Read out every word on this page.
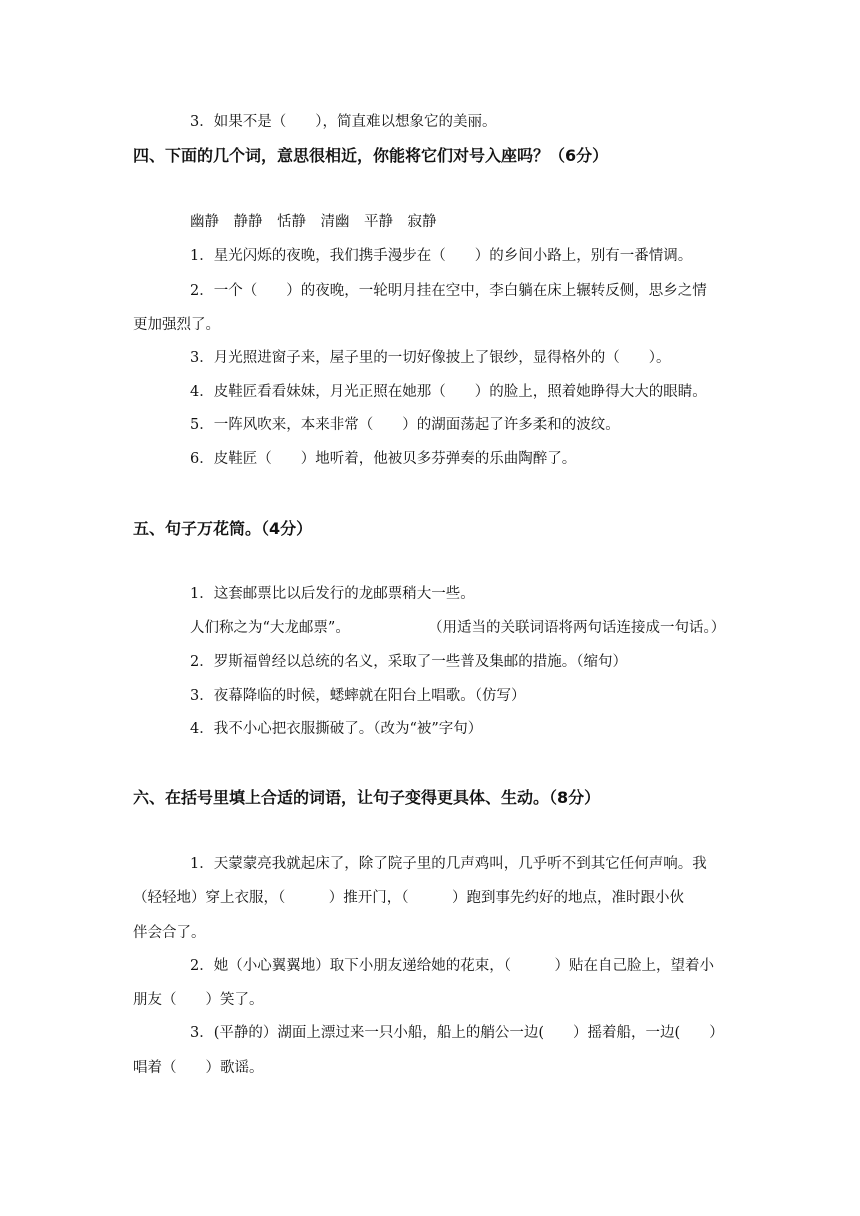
3．如果不是（　　），简直难以想象它的美丽。
四、下面的几个词，意思很相近，你能将它们对号入座吗？（6分）
幽静　静静　恬静　清幽　平静　寂静
1．星光闪烁的夜晚，我们携手漫步在（　　）的乡间小路上，别有一番情调。
2．一个（　　）的夜晚，一轮明月挂在空中，李白躺在床上辗转反侧，思乡之情
更加强烈了。
3．月光照进窗子来，屋子里的一切好像披上了银纱，显得格外的（　　）。
4．皮鞋匠看看妹妹，月光正照在她那（　　）的脸上，照着她睁得大大的眼睛。
5．一阵风吹来，本来非常（　　）的湖面荡起了许多柔和的波纹。
6．皮鞋匠（　　）地听着，他被贝多芬弹奏的乐曲陶醉了。
五、句子万花筒。（4分）
1．这套邮票比以后发行的龙邮票稍大一些。
人们称之为“大龙邮票”。	（用适当的关联词语将两句话连接成一句话。）
2．罗斯福曾经以总统的名义，采取了一些普及集邮的措施。（缩句）
3．夜幕降临的时候，蟋蟀就在阳台上唱歌。（仿写）
4．我不小心把衣服撕破了。（改为“被”字句）
六、在括号里填上合适的词语，让句子变得更具体、生动。（8分）
1．天蒙蒙亮我就起床了，除了院子里的几声鸡叫，几乎听不到其它任何声响。我
（轻轻地）穿上衣服，（　　　）推开门，（　　　）跑到事先约好的地点，准时跟小伙
伴会合了。
2．她（小心翼翼地）取下小朋友递给她的花束，（　　　）贴在自己脸上，望着小
朋友（　　）笑了。
3．(平静的）湖面上漂过来一只小船，船上的艄公一边(　　）摇着船，一边(　　）
唱着（　　）歌谣。
